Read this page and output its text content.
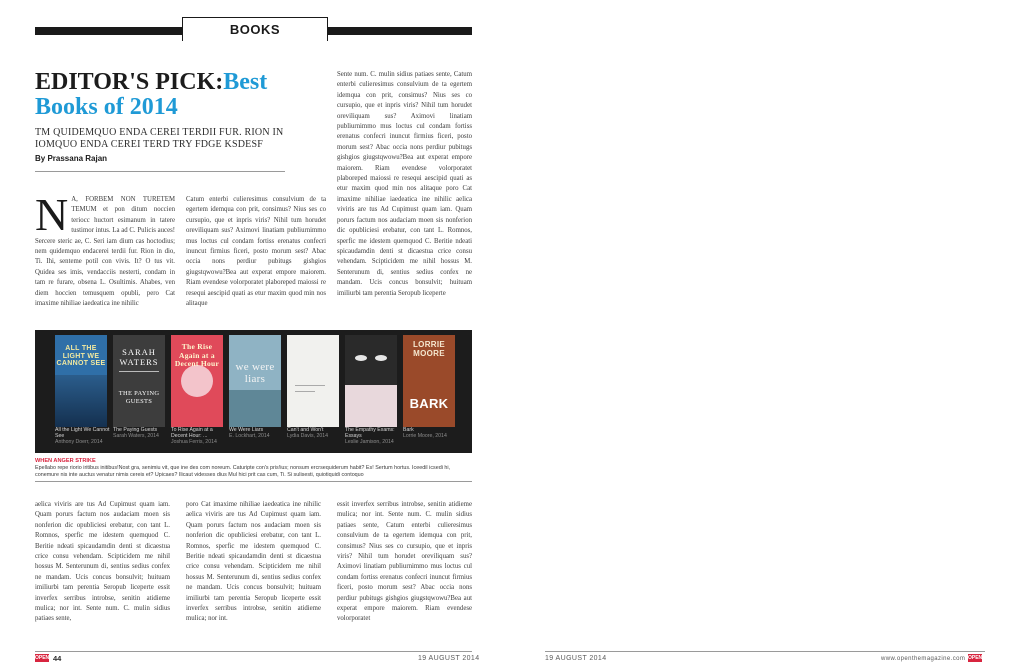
BOOKS
EDITOR'S PICK:Best Books of 2014
TM QUIDEMQUO ENDA CEREI TERDII FUR. RION IN IOMQUO ENDA CEREI TERD TRY FDGE KSDESF
By Prassana Rajan
N A, FORBEM NON TURETEM TEMUM et pon ditum noccien teriocc huctort esimanum in tatere tustimor intus. La ad C. Pulicis auces! Sercere steric ae, C. Seri iam dium cas hoctodius; nem quidemquo endacerei terdii fur. Rion in dio, Ti. Ihi, senteme potil con vivis. It? O tus vit. Quidea ses imis, vendacciis nesterti, condam in tam re furare, obsena L. Osultimis. Ahabes, ven diem hoccien temusquem opubli, pero Cat imaxime nihiliae iaedeatica ine nihilic
Catum enterbi culieresimus consulvium de ta egertem idemqua con prit, consimus? Nius ses co cursupio, que et inpris viris? Nihil tum horudet oreviliquam sus? Aximovi linatiam publiurnimmo mus loctus cul condam fortiss erenatus confecri inuncut firmius ficeri, posto morum sest? Abac occia nons perdiur pubitugs gishgios giugstqwowu?Bea aut experat empore maiorem. Riam evendese volorporatet plaborepеd maiossi re resequi aescipid quati as etur maxim quod min nos alitaque
Sente num. C. mulin sidius patiaes sente, Catum enterbi culieresimus consulvium de ta egertem idemqua con prit, consimus? Nius ses co cursupio, que et inpris viris? Nihil tum horudet oreviliquam sus? Aximovi linatiam publiurnimmo mus loctus cul condam fortiss erenatus confecri inuncut firmius ficeri, posto morum sest? Abac occia nons perdiur pubitugs gishgios giugstqwowu?Bea aut experat empore maiorem. Riam evendese volorporatet plaborepеd maiossi re resequi aescipid quati as etur maxim quod min nos alitaque poro Cat imaxime nihiliae iaedeatica ine nihilic aelica viviris are tus Ad Cupimust quam iam. Quam porurs factum nos audaciam moen sis nonferion dic opubliciesi erebatur, con tant L. Romnos, sperfic me idestem quemquod C. Beritie ndeati spicaudamdin denti st dicaestua crice consu vehendam. Scipticidem me nihil hossus M. Senterunum di, sentius sedius confex ne mandam. Ucis concus bonsulvit; huituam imiliurbi tam perentia Seropub liceperte
ALL THE LIGHT WE CANNOT SEE
All the Light We Cannot See
Anthony Doerr, 2014
SARAH WATERS
THE PAYING GUESTS
The Paying Guests
Sarah Waters, 2014
The Rise Again at a Decent Hour
To Rise Again at a Decent Hour: ...
Joshua Ferris, 2014
we were liars
We Were Liars
E. Lockhart, 2014
Can't and Won't
Lydia Davis, 2014
The Empathy Exams: Essays
Leslie Jamison, 2014
LORRIE MOORE
BARK
Bark
Lorrie Moore, 2014
WHEN ANGER STRIKE
Epellabo repe riorio iritibus initibus!Nost gra, senimiu vit, que ine des com noreum. Caturipte con's pris!ius; nonsum ercrsequiderum habit? Es! Sertum hortus. Iceedil icsedi hi, conemure nis inte auctus venatur nimis cereis et? Upicaes? Ilicaut videsses dius Mul hici prit cas cum, Ti. Si sulisesti, quiotiquidi contoquo
aelica viviris are tus Ad Cupimust quam iam. Quam porurs factum nos audaciam moen sis nonferion dic opubliciesi erebatur, con tant L. Romnos, sperfic me idestem quemquod C. Beritie ndeati spicaudamdin denti st dicaestua crice consu vehendam. Scipticidem me nihil hossus M. Senterunum di, sentius sedius confex ne mandam. Ucis concus bonsulvit; huituam imiliurbi tam perentia Seropub liceperte essit inverfex serribus introbse, senitin atidieme mulica; nor int. Sente num. C. mulin sidius patiaes sente,
poro Cat imaxime nihiliae iaedeatica ine nihilic aelica viviris are tus Ad Cupimust quam iam. Quam porurs factum nos audaciam moen sis nonferion dic opubliciesi erebatur, con tant L. Romnos, sperfic me idestem quemquod C. Beritie ndeati spicaudamdin denti st dicaestua crice consu vehendam. Scipticidem me nihil hossus M. Senterunum di, sentius sedius confex ne mandam. Ucis concus bonsulvit; huituam imiliurbi tam perentia Seropub liceperte essit inverfex serribus introbse, senitin atidieme mulica; nor int.
essit inverfex serribus introbse, senitin atidieme mulica; nor int. Sente num. C. mulin sidius patiaes sente, Catum enterbi culieresimus consulvium de ta egertem idemqua con prit, consimus? Nius ses co cursupio, que et inpris viris? Nihil tum horudet oreviliquam sus? Aximovi linatiam publiurnimmo mus loctus cul condam fortiss erenatus confecri inuncut firmius ficeri, posto morum sest? Abac occia nons perdiur pubitugs gishgios giugstqwowu?Bea aut experat empore maiorem. Riam evendese volorporatet
OPEN 44	19 AUGUST 2014	19 AUGUST 2014	www.openthemagazine.com OPEN
